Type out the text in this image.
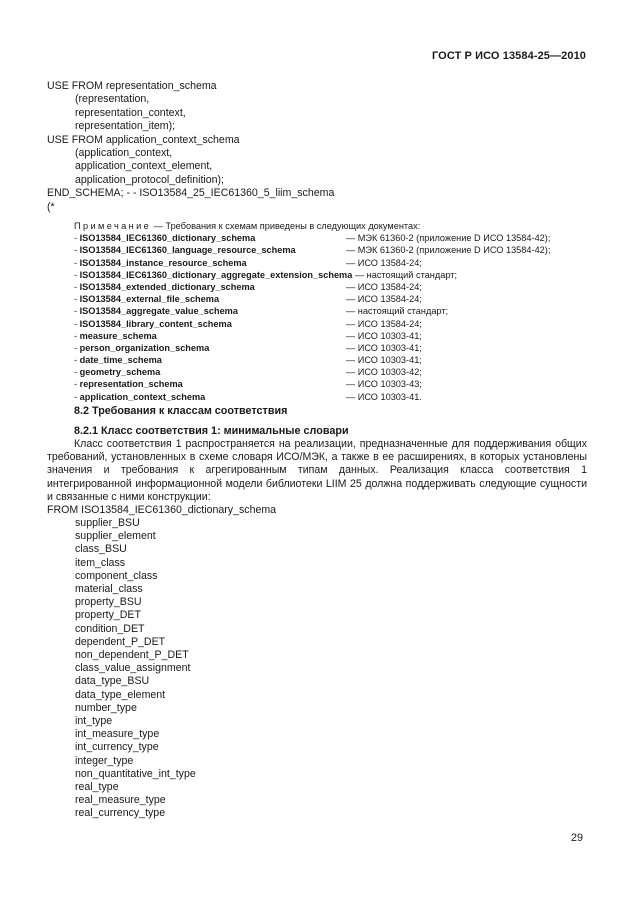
ГОСТ Р ИСО 13584-25—2010
USE FROM representation_schema
(representation,
representation_context,
representation_item);
USE FROM application_context_schema
(application_context,
application_context_element,
application_protocol_definition);
END_SCHEMA; - - ISO13584_25_IEC61360_5_liim_schema
(*
Примечание — Требования к схемам приведены в следующих документах:
- ISO13584_IEC61360_dictionary_schema	— МЭК 61360-2 (приложение D ИСО 13584-42);
- ISO13584_IEC61360_language_resource_schema	— МЭК 61360-2 (приложение D ИСО 13584-42);
- ISO13584_instance_resource_schema	— ИСО 13584-24;
- ISO13584_IEC61360_dictionary_aggregate_extension_schema — настоящий стандарт;
- ISO13584_extended_dictionary_schema	— ИСО 13584-24;
- ISO13584_external_file_schema	— ИСО 13584-24;
- ISO13584_aggregate_value_schema	— настоящий стандарт;
- ISO13584_library_content_schema	— ИСО 13584-24;
- measure_schema	— ИСО 10303-41;
- person_organization_schema	— ИСО 10303-41;
- date_time_schema	— ИСО 10303-41;
- geometry_schema	— ИСО 10303-42;
- representation_schema	— ИСО 10303-43;
- application_context_schema	— ИСО 10303-41.
8.2 Требования к классам соответствия
8.2.1 Класс соответствия 1: минимальные словари
Класс соответствия 1 распространяется на реализации, предназначенные для поддерживания общих требований, установленных в схеме словаря ИСО/МЭК, а также в ее расширениях, в которых установлены значения и требования к агрегированным типам данных. Реализация класса соответствия 1 интегрированной информационной модели библиотеки LIIM 25 должна поддерживать следующие сущности и связанные с ними конструкции:
FROM ISO13584_IEC61360_dictionary_schema
supplier_BSU
supplier_element
class_BSU
item_class
component_class
material_class
property_BSU
property_DET
condition_DET
dependent_P_DET
non_dependent_P_DET
class_value_assignment
data_type_BSU
data_type_element
number_type
int_type
int_measure_type
int_currency_type
integer_type
non_quantitative_int_type
real_type
real_measure_type
real_currency_type
29
